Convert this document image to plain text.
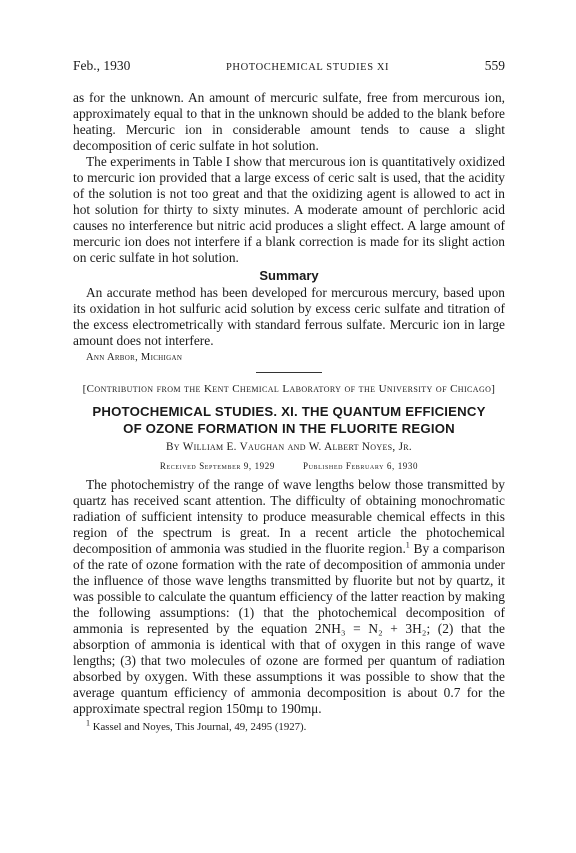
Feb., 1930	PHOTOCHEMICAL STUDIES XI	559

as for the unknown. An amount of mercuric sulfate, free from mercurous ion, approximately equal to that in the unknown should be added to the blank before heating. Mercuric ion in considerable amount tends to cause a slight decomposition of ceric sulfate in hot solution.

The experiments in Table I show that mercurous ion is quantitatively oxidized to mercuric ion provided that a large excess of ceric salt is used, that the acidity of the solution is not too great and that the oxidizing agent is allowed to act in hot solution for thirty to sixty minutes. A moderate amount of perchloric acid causes no interference but nitric acid produces a slight effect. A large amount of mercuric ion does not interfere if a blank correction is made for its slight action on ceric sulfate in hot solution.

Summary

An accurate method has been developed for mercurous mercury, based upon its oxidation in hot sulfuric acid solution by excess ceric sulfate and titration of the excess electrometrically with standard ferrous sulfate. Mercuric ion in large amount does not interfere.

Ann Arbor, Michigan
[Contribution from the Kent Chemical Laboratory of the University of Chicago]
PHOTOCHEMICAL STUDIES. XI. THE QUANTUM EFFICIENCY OF OZONE FORMATION IN THE FLUORITE REGION
By William E. Vaughan and W. Albert Noyes, Jr.
Received September 9, 1929	Published February 6, 1930

The photochemistry of the range of wave lengths below those transmitted by quartz has received scant attention. The difficulty of obtaining monochromatic radiation of sufficient intensity to produce measurable chemical effects in this region of the spectrum is great. In a recent article the photochemical decomposition of ammonia was studied in the fluorite region.$^1$ By a comparison of the rate of ozone formation with the rate of decomposition of ammonia under the influence of those wave lengths transmitted by fluorite but not by quartz, it was possible to calculate the quantum efficiency of the latter reaction by making the following assumptions: (1) that the photochemical decomposition of ammonia is represented by the equation 2NH₃ = N₂ + 3H₂; (2) that the absorption of ammonia is identical with that of oxygen in this range of wave lengths; (3) that two molecules of ozone are formed per quantum of radiation absorbed by oxygen. With these assumptions it was possible to show that the average quantum efficiency of ammonia decomposition is about 0.7 for the approximate spectral region 150mμ to 190mμ.

$^1$ Kassel and Noyes, This Journal, 49, 2495 (1927).
